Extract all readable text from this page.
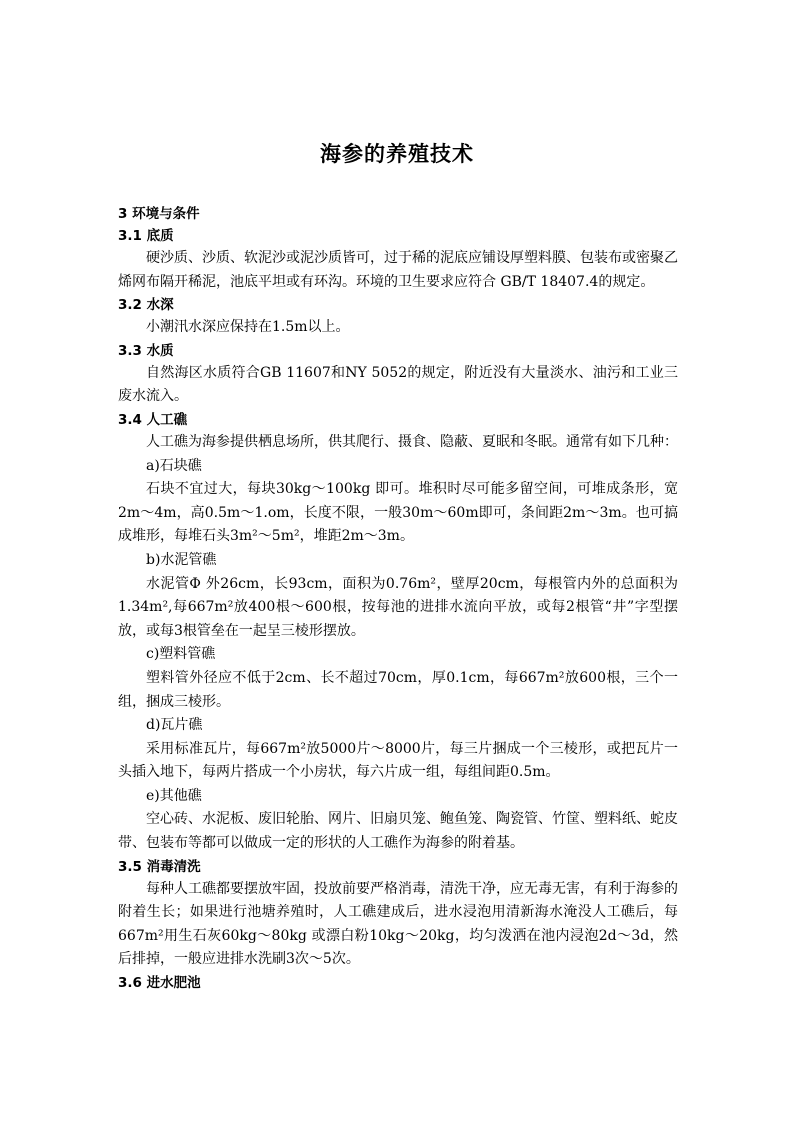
海参的养殖技术
3 环境与条件
3.1 底质

硬沙质、沙质、软泥沙或泥沙质皆可，过于稀的泥底应铺设厚塑料膜、包装布或密聚乙烯网布隔开稀泥，池底平坦或有环沟。环境的卫生要求应符合 GB/T 18407.4的规定。

3.2 水深

小潮汛水深应保持在1.5m以上。

3.3 水质

自然海区水质符合GB 11607和NY 5052的规定，附近没有大量淡水、油污和工业三废水流入。

3.4 人工礁

人工礁为海参提供栖息场所，供其爬行、摄食、隐蔽、夏眠和冬眠。通常有如下几种：

a)石块礁

石块不宜过大，每块30kg～100kg 即可。堆积时尽可能多留空间，可堆成条形，宽2m～4m，高0.5m～1.om，长度不限，一般30m～60m即可，条间距2m～3m。也可搞成堆形，每堆石头3m²～5m²，堆距2m～3m。

b)水泥管礁

水泥管Φ 外26cm，长93cm，面积为0.76m²，壁厚20cm，每根管内外的总面积为1.34m²,每667m²放400根～600根，按每池的进排水流向平放，或每2根管“井”字型摆放，或每3根管垒在一起呈三棱形摆放。

c)塑料管礁

塑料管外径应不低于2cm、长不超过70cm，厚0.1cm，每667m²放600根，三个一组，捆成三棱形。

d)瓦片礁

采用标准瓦片，每667m²放5000片～8000片，每三片捆成一个三棱形，或把瓦片一头插入地下，每两片搭成一个小房状，每六片成一组，每组间距0.5m。

e)其他礁

空心砖、水泥板、废旧轮胎、网片、旧扇贝笼、鲍鱼笼、陶瓷管、竹筐、塑料纸、蛇皮带、包装布等都可以做成一定的形状的人工礁作为海参的附着基。

3.5 消毒清洗

每种人工礁都要摆放牢固，投放前要严格消毒，清洗干净，应无毒无害，有利于海参的附着生长；如果进行池塘养殖时，人工礁建成后，进水浸泡用清新海水淹没人工礁后，每667m²用生石灰60kg～80kg 或漂白粉10kg～20kg，均匀泼洒在池内浸泡2d～3d，然后排掉，一般应进排水洗刷3次～5次。

3.6 进水肥池
